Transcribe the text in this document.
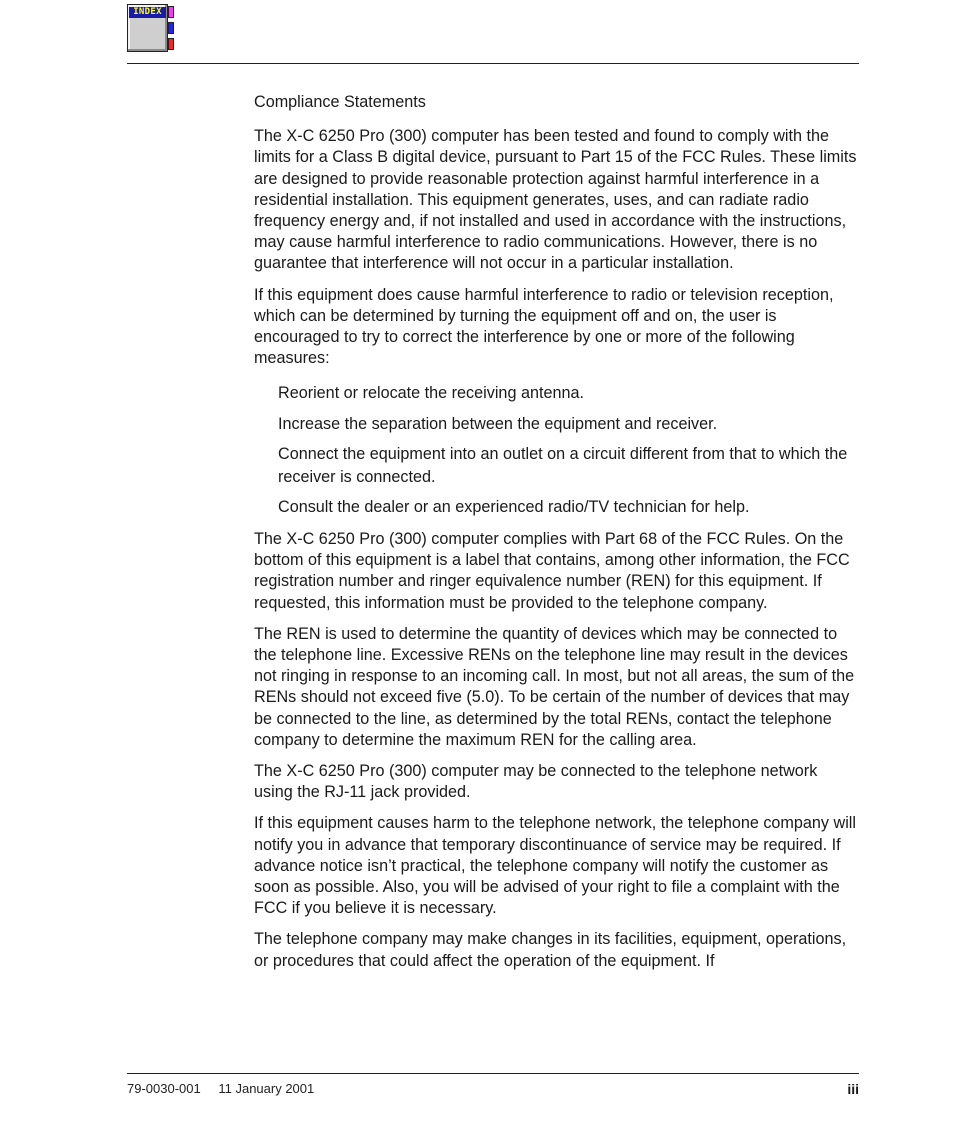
INDEX

Compliance Statements

The X-C 6250 Pro (300) computer has been tested and found to comply with the limits for a Class B digital device, pursuant to Part 15 of the FCC Rules. These limits are designed to provide reasonable protection against harmful interference in a residential installation. This equipment generates, uses, and can radiate radio frequency energy and, if not installed and used in accordance with the instructions, may cause harmful interference to radio communications. However, there is no guarantee that interference will not occur in a particular installation.

If this equipment does cause harmful interference to radio or television reception, which can be determined by turning the equipment off and on, the user is encouraged to try to correct the interference by one or more of the following measures:

Reorient or relocate the receiving antenna.
Increase the separation between the equipment and receiver.
Connect the equipment into an outlet on a circuit different from that to which the receiver is connected.
Consult the dealer or an experienced radio/TV technician for help.

The X-C 6250 Pro (300) computer complies with Part 68 of the FCC Rules. On the bottom of this equipment is a label that contains, among other information, the FCC registration number and ringer equivalence number (REN) for this equipment. If requested, this information must be provided to the telephone company.

The REN is used to determine the quantity of devices which may be connected to the telephone line. Excessive RENs on the telephone line may result in the devices not ringing in response to an incoming call. In most, but not all areas, the sum of the RENs should not exceed five (5.0). To be certain of the number of devices that may be connected to the line, as determined by the total RENs, contact the telephone company to determine the maximum REN for the calling area.

The X-C 6250 Pro (300) computer may be connected to the telephone network using the RJ-11 jack provided.

If this equipment causes harm to the telephone network, the telephone company will notify you in advance that temporary discontinuance of service may be required. If advance notice isn’t practical, the telephone company will notify the customer as soon as possible. Also, you will be advised of your right to file a complaint with the FCC if you believe it is necessary.

The telephone company may make changes in its facilities, equipment, operations, or procedures that could affect the operation of the equipment. If

79-0030-001 11 January 2001	iii
